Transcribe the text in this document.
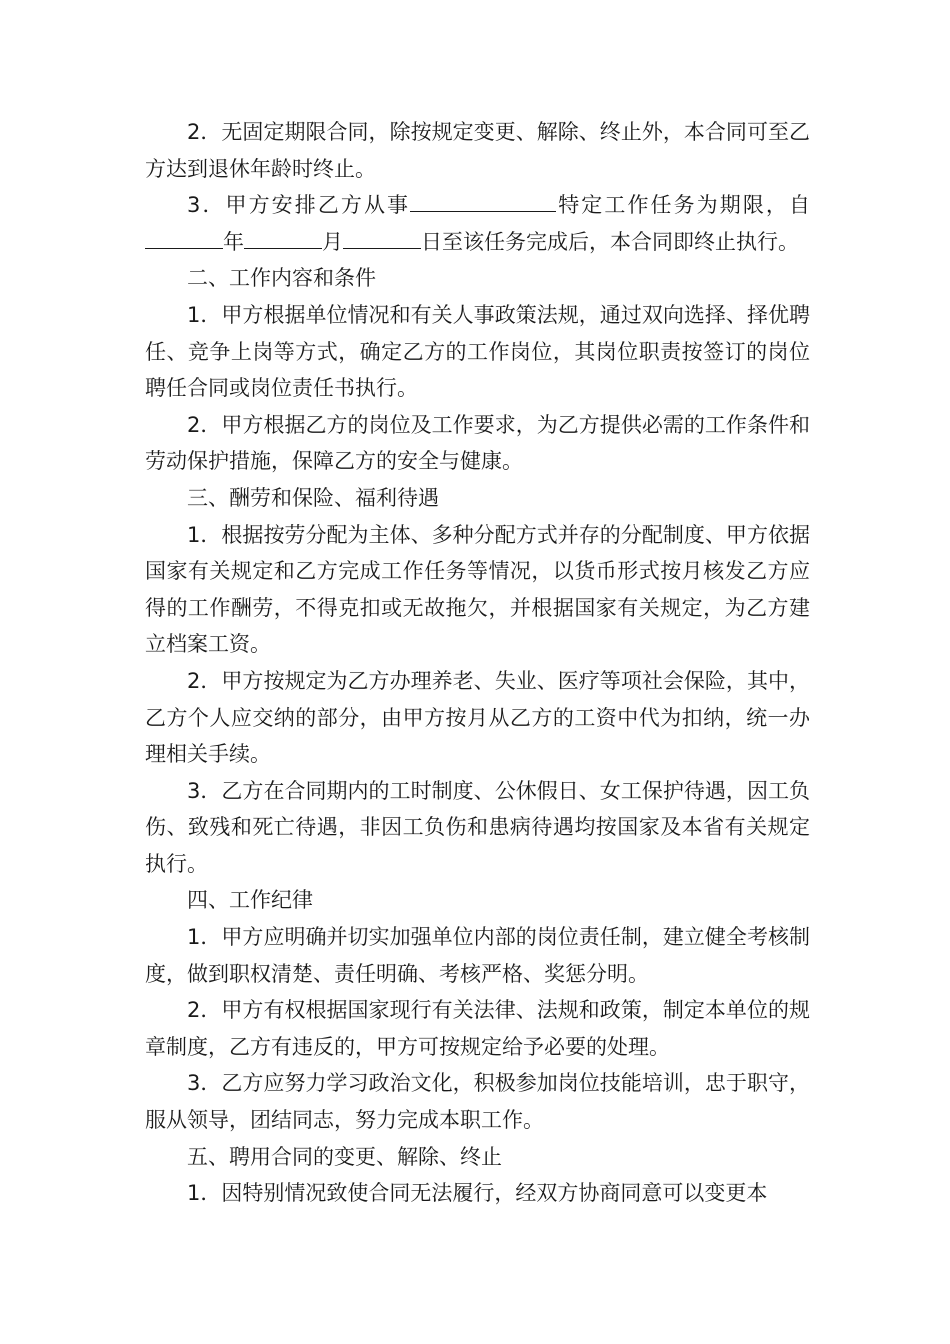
2．无固定期限合同，除按规定变更、解除、终止外，本合同可至乙方达到退休年龄时终止。

3．甲方安排乙方从事	特定工作任务为期限，自年	月	日至该任务完成后，本合同即终止执行。

二、工作内容和条件

1．甲方根据单位情况和有关人事政策法规，通过双向选择、择优聘任、竞争上岗等方式，确定乙方的工作岗位，其岗位职责按签订的岗位聘任合同或岗位责任书执行。

2．甲方根据乙方的岗位及工作要求，为乙方提供必需的工作条件和劳动保护措施，保障乙方的安全与健康。

三、酬劳和保险、福利待遇

1．根据按劳分配为主体、多种分配方式并存的分配制度、甲方依据国家有关规定和乙方完成工作任务等情况，以货币形式按月核发乙方应得的工作酬劳，不得克扣或无故拖欠，并根据国家有关规定，为乙方建立档案工资。

2．甲方按规定为乙方办理养老、失业、医疗等项社会保险，其中，乙方个人应交纳的部分，由甲方按月从乙方的工资中代为扣纳，统一办理相关手续。

3．乙方在合同期内的工时制度、公休假日、女工保护待遇，因工负伤、致残和死亡待遇，非因工负伤和患病待遇均按国家及本省有关规定执行。

四、工作纪律

1．甲方应明确并切实加强单位内部的岗位责任制，建立健全考核制度，做到职权清楚、责任明确、考核严格、奖惩分明。

2．甲方有权根据国家现行有关法律、法规和政策，制定本单位的规章制度，乙方有违反的，甲方可按规定给予必要的处理。

3．乙方应努力学习政治文化，积极参加岗位技能培训，忠于职守，服从领导，团结同志，努力完成本职工作。

五、聘用合同的变更、解除、终止

1．因特别情况致使合同无法履行，经双方协商同意可以变更本
